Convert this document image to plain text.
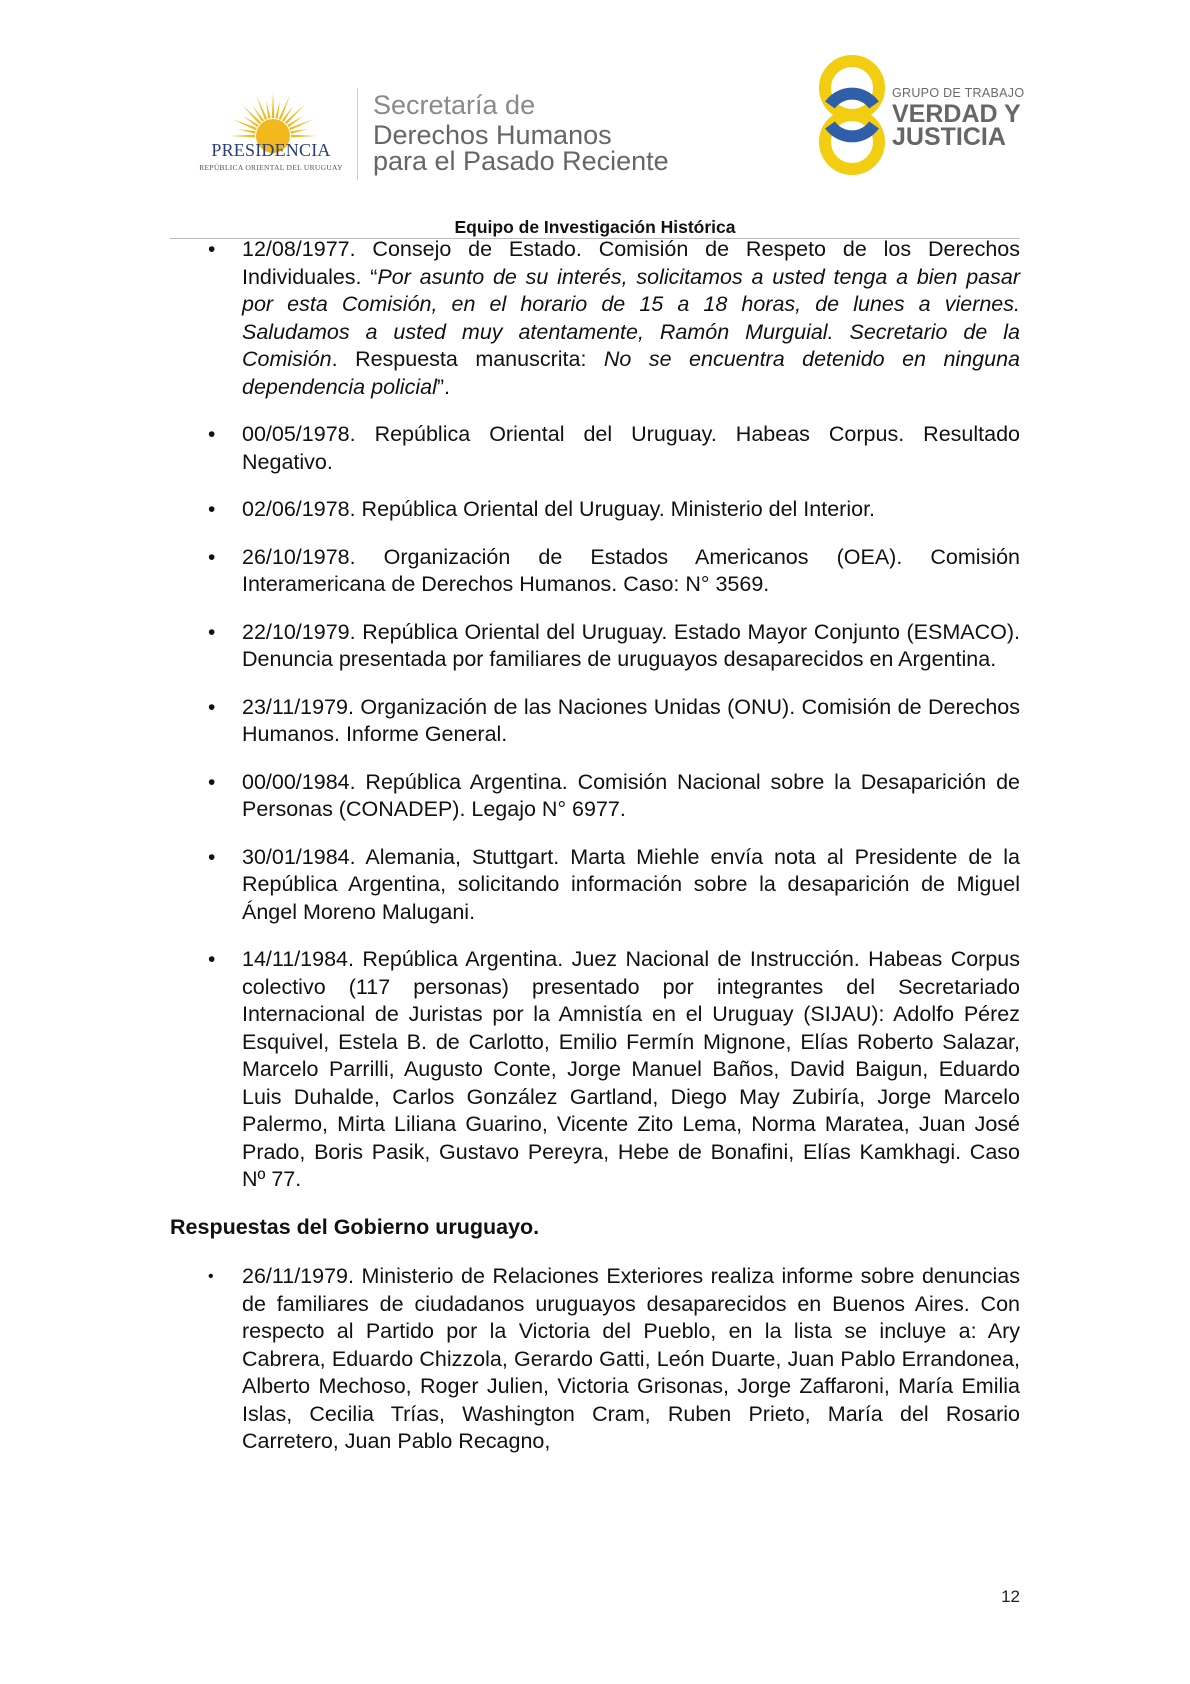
PRESIDENCIA
REPÚBLICA ORIENTAL DEL URUGUAY
Secretaría de
Derechos Humanos
para el Pasado Reciente
GRUPO DE TRABAJO
VERDAD Y
JUSTICIA
Equipo de Investigación Histórica
• 12/08/1977. Consejo de Estado. Comisión de Respeto de los Derechos Individuales. “Por asunto de su interés, solicitamos a usted tenga a bien pasar por esta Comisión, en el horario de 15 a 18 horas, de lunes a viernes. Saludamos a usted muy atentamente, Ramón Murguial. Secretario de la Comisión. Respuesta manuscrita: No se encuentra detenido en ninguna dependencia policial”.
• 00/05/1978. República Oriental del Uruguay. Habeas Corpus. Resultado Negativo.
• 02/06/1978. República Oriental del Uruguay. Ministerio del Interior.
• 26/10/1978. Organización de Estados Americanos (OEA). Comisión Interamericana de Derechos Humanos. Caso: N° 3569.
• 22/10/1979. República Oriental del Uruguay. Estado Mayor Conjunto (ESMACO). Denuncia presentada por familiares de uruguayos desaparecidos en Argentina.
• 23/11/1979. Organización de las Naciones Unidas (ONU). Comisión de Derechos Humanos. Informe General.
• 00/00/1984. República Argentina. Comisión Nacional sobre la Desaparición de Personas (CONADEP). Legajo N° 6977.
• 30/01/1984. Alemania, Stuttgart. Marta Miehle envía nota al Presidente de la República Argentina, solicitando información sobre la desaparición de Miguel Ángel Moreno Malugani.
• 14/11/1984. República Argentina. Juez Nacional de Instrucción. Habeas Corpus colectivo (117 personas) presentado por integrantes del Secretariado Internacional de Juristas por la Amnistía en el Uruguay (SIJAU): Adolfo Pérez Esquivel, Estela B. de Carlotto, Emilio Fermín Mignone, Elías Roberto Salazar, Marcelo Parrilli, Augusto Conte, Jorge Manuel Baños, David Baigun, Eduardo Luis Duhalde, Carlos González Gartland, Diego May Zubiría, Jorge Marcelo Palermo, Mirta Liliana Guarino, Vicente Zito Lema, Norma Maratea, Juan José Prado, Boris Pasik, Gustavo Pereyra, Hebe de Bonafini, Elías Kamkhagi. Caso Nº 77.
Respuestas del Gobierno uruguayo.
• 26/11/1979. Ministerio de Relaciones Exteriores realiza informe sobre denuncias de familiares de ciudadanos uruguayos desaparecidos en Buenos Aires. Con respecto al Partido por la Victoria del Pueblo, en la lista se incluye a: Ary Cabrera, Eduardo Chizzola, Gerardo Gatti, León Duarte, Juan Pablo Errandonea, Alberto Mechoso, Roger Julien, Victoria Grisonas, Jorge Zaffaroni, María Emilia Islas, Cecilia Trías, Washington Cram, Ruben Prieto, María del Rosario Carretero, Juan Pablo Recagno,
12
